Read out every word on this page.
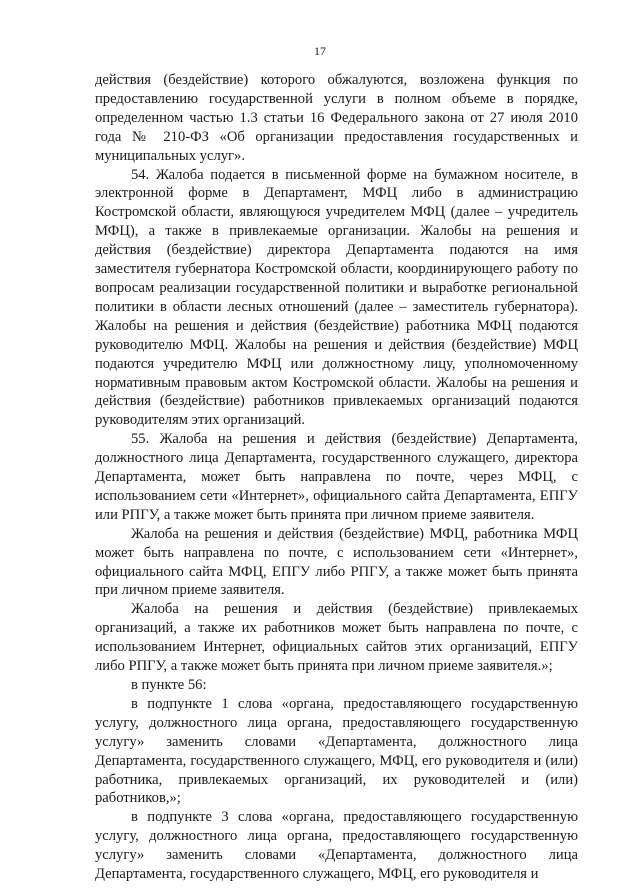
17

действия (бездействие) которого обжалуются, возложена функция по предоставлению государственной услуги в полном объеме в порядке, определенном частью 1.3 статьи 16 Федерального закона от 27 июля 2010 года № 210-ФЗ «Об организации предоставления государственных и муниципальных услуг».

54. Жалоба подается в письменной форме на бумажном носителе, в электронной форме в Департамент, МФЦ либо в администрацию Костромской области, являющуюся учредителем МФЦ (далее – учредитель МФЦ), а также в привлекаемые организации. Жалобы на решения и действия (бездействие) директора Департамента подаются на имя заместителя губернатора Костромской области, координирующего работу по вопросам реализации государственной политики и выработке региональной политики в области лесных отношений (далее – заместитель губернатора). Жалобы на решения и действия (бездействие) работника МФЦ подаются руководителю МФЦ. Жалобы на решения и действия (бездействие) МФЦ подаются учредителю МФЦ или должностному лицу, уполномоченному нормативным правовым актом Костромской области. Жалобы на решения и действия (бездействие) работников привлекаемых организаций подаются руководителям этих организаций.

55. Жалоба на решения и действия (бездействие) Департамента, должностного лица Департамента, государственного служащего, директора Департамента, может быть направлена по почте, через МФЦ, с использованием сети «Интернет», официального сайта Департамента, ЕПГУ или РПГУ, а также может быть принята при личном приеме заявителя.

Жалоба на решения и действия (бездействие) МФЦ, работника МФЦ может быть направлена по почте, с использованием сети «Интернет», официального сайта МФЦ, ЕПГУ либо РПГУ, а также может быть принята при личном приеме заявителя.

Жалоба на решения и действия (бездействие) привлекаемых организаций, а также их работников может быть направлена по почте, с использованием Интернет, официальных сайтов этих организаций, ЕПГУ либо РПГУ, а также может быть принята при личном приеме заявителя.»;

в пункте 56:

в подпункте 1 слова «органа, предоставляющего государственную услугу, должностного лица органа, предоставляющего государственную услугу» заменить словами «Департамента, должностного лица Департамента, государственного служащего, МФЦ, его руководителя и (или) работника, привлекаемых организаций, их руководителей и (или) работников,»;

в подпункте 3 слова «органа, предоставляющего государственную услугу, должностного лица органа, предоставляющего государственную услугу» заменить словами «Департамента, должностного лица Департамента, государственного служащего, МФЦ, его руководителя и
